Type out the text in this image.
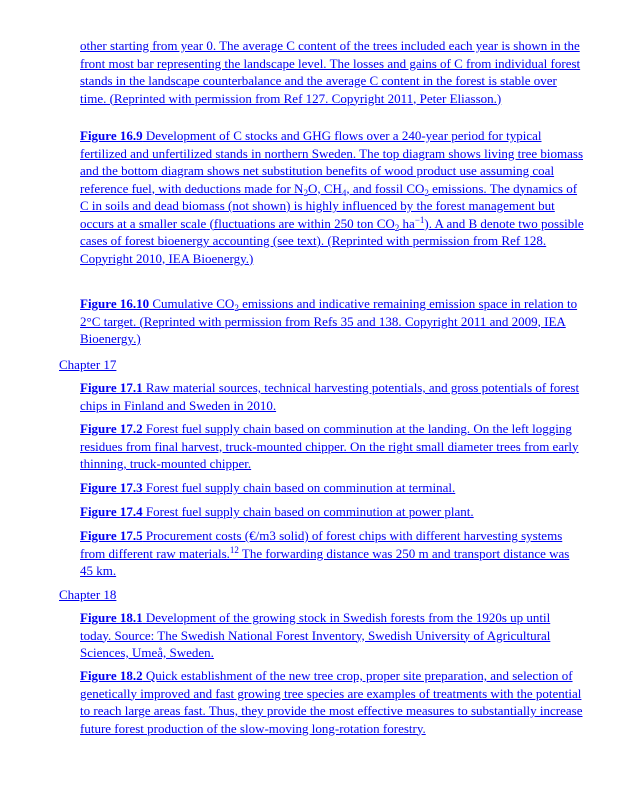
other starting from year 0. The average C content of the trees included each year is shown in the front most bar representing the landscape level. The losses and gains of C from individual forest stands in the landscape counterbalance and the average C content in the forest is stable over time. (Reprinted with permission from Ref 127. Copyright 2011, Peter Eliasson.)
Figure 16.9 Development of C stocks and GHG flows over a 240-year period for typical fertilized and unfertilized stands in northern Sweden. The top diagram shows living tree biomass and the bottom diagram shows net substitution benefits of wood product use assuming coal reference fuel, with deductions made for $N_2O$, $CH_4$, and fossil $CO_2$ emissions. The dynamics of C in soils and dead biomass (not shown) is highly influenced by the forest management but occurs at a smaller scale (fluctuations are within 250 ton $CO_2$ $ha^{-1}$). A and B denote two possible cases of forest bioenergy accounting (see text). (Reprinted with permission from Ref 128. Copyright 2010, IEA Bioenergy.)
Figure 16.10 Cumulative $CO_2$ emissions and indicative remaining emission space in relation to 2°C target. (Reprinted with permission from Refs 35 and 138. Copyright 2011 and 2009, IEA Bioenergy.)
Chapter 17
Figure 17.1 Raw material sources, technical harvesting potentials, and gross potentials of forest chips in Finland and Sweden in 2010.
Figure 17.2 Forest fuel supply chain based on comminution at the landing. On the left logging residues from final harvest, truck-mounted chipper. On the right small diameter trees from early thinning, truck-mounted chipper.
Figure 17.3 Forest fuel supply chain based on comminution at terminal.
Figure 17.4 Forest fuel supply chain based on comminution at power plant.
Figure 17.5 Procurement costs (€/m3 solid) of forest chips with different harvesting systems from different raw materials.$^{12}$ The forwarding distance was 250 m and transport distance was 45 km.
Chapter 18
Figure 18.1 Development of the growing stock in Swedish forests from the 1920s up until today. Source: The Swedish National Forest Inventory, Swedish University of Agricultural Sciences, Umeå, Sweden.
Figure 18.2 Quick establishment of the new tree crop, proper site preparation, and selection of genetically improved and fast growing tree species are examples of treatments with the potential to reach large areas fast. Thus, they provide the most effective measures to substantially increase future forest production of the slow-moving long-rotation forestry.
